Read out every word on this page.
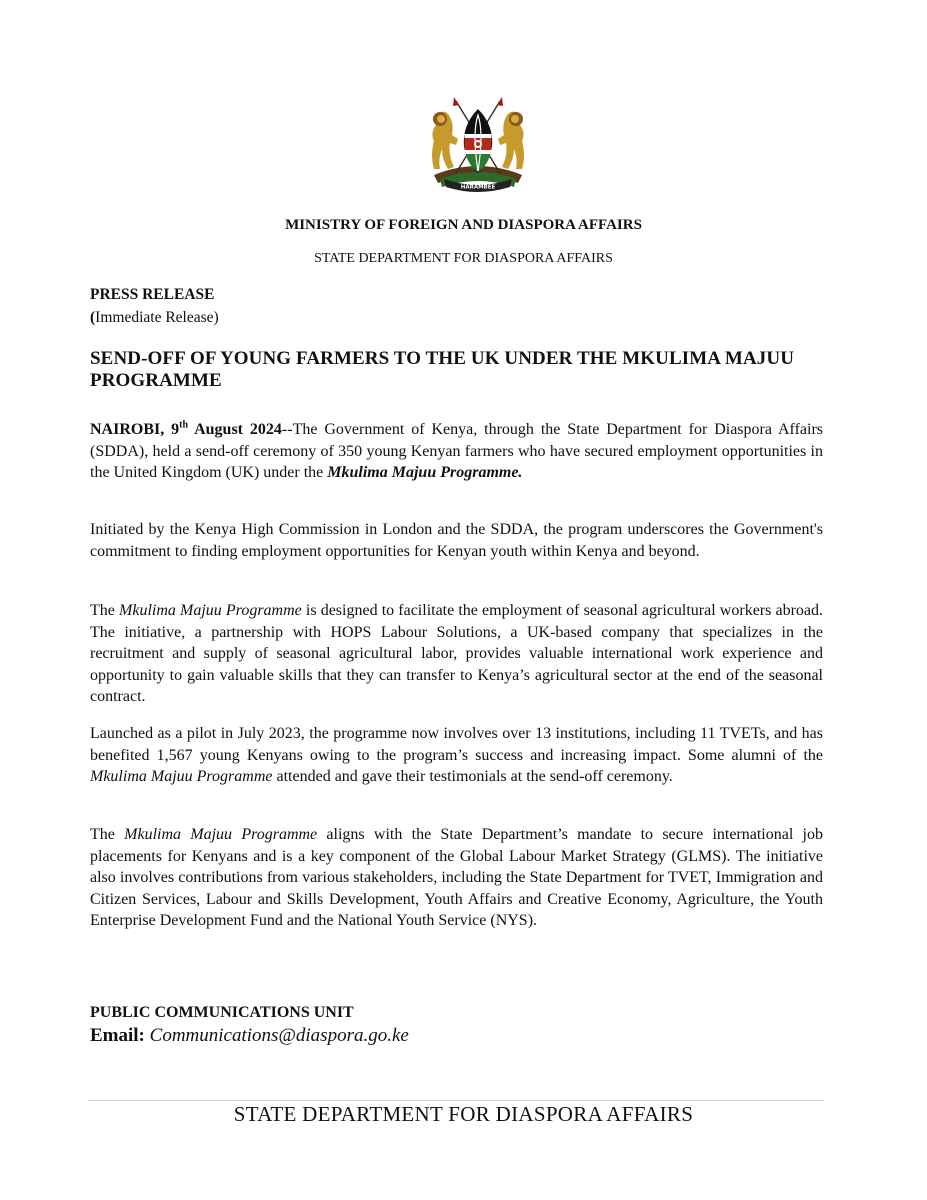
HARAMBEE
MINISTRY OF FOREIGN AND DIASPORA AFFAIRS
STATE DEPARTMENT FOR DIASPORA AFFAIRS
PRESS RELEASE
(Immediate Release)
SEND-OFF OF YOUNG FARMERS TO THE UK UNDER THE MKULIMA MAJUU PROGRAMME
NAIROBI, 9th August 2024--The Government of Kenya, through the State Department for Diaspora Affairs (SDDA), held a send-off ceremony of 350 young Kenyan farmers who have secured employment opportunities in the United Kingdom (UK) under the Mkulima Majuu Programme.
Initiated by the Kenya High Commission in London and the SDDA, the program underscores the Government's commitment to finding employment opportunities for Kenyan youth within Kenya and beyond.
The Mkulima Majuu Programme is designed to facilitate the employment of seasonal agricultural workers abroad. The initiative, a partnership with HOPS Labour Solutions, a UK-based company that specializes in the recruitment and supply of seasonal agricultural labor, provides valuable international work experience and opportunity to gain valuable skills that they can transfer to Kenya’s agricultural sector at the end of the seasonal contract.
Launched as a pilot in July 2023, the programme now involves over 13 institutions, including 11 TVETs, and has benefited 1,567 young Kenyans owing to the program’s success and increasing impact. Some alumni of the Mkulima Majuu Programme attended and gave their testimonials at the send-off ceremony.
The Mkulima Majuu Programme aligns with the State Department’s mandate to secure international job placements for Kenyans and is a key component of the Global Labour Market Strategy (GLMS). The initiative also involves contributions from various stakeholders, including the State Department for TVET, Immigration and Citizen Services, Labour and Skills Development, Youth Affairs and Creative Economy, Agriculture, the Youth Enterprise Development Fund and the National Youth Service (NYS).
PUBLIC COMMUNICATIONS UNIT
Email: Communications@diaspora.go.ke
STATE DEPARTMENT FOR DIASPORA AFFAIRS
